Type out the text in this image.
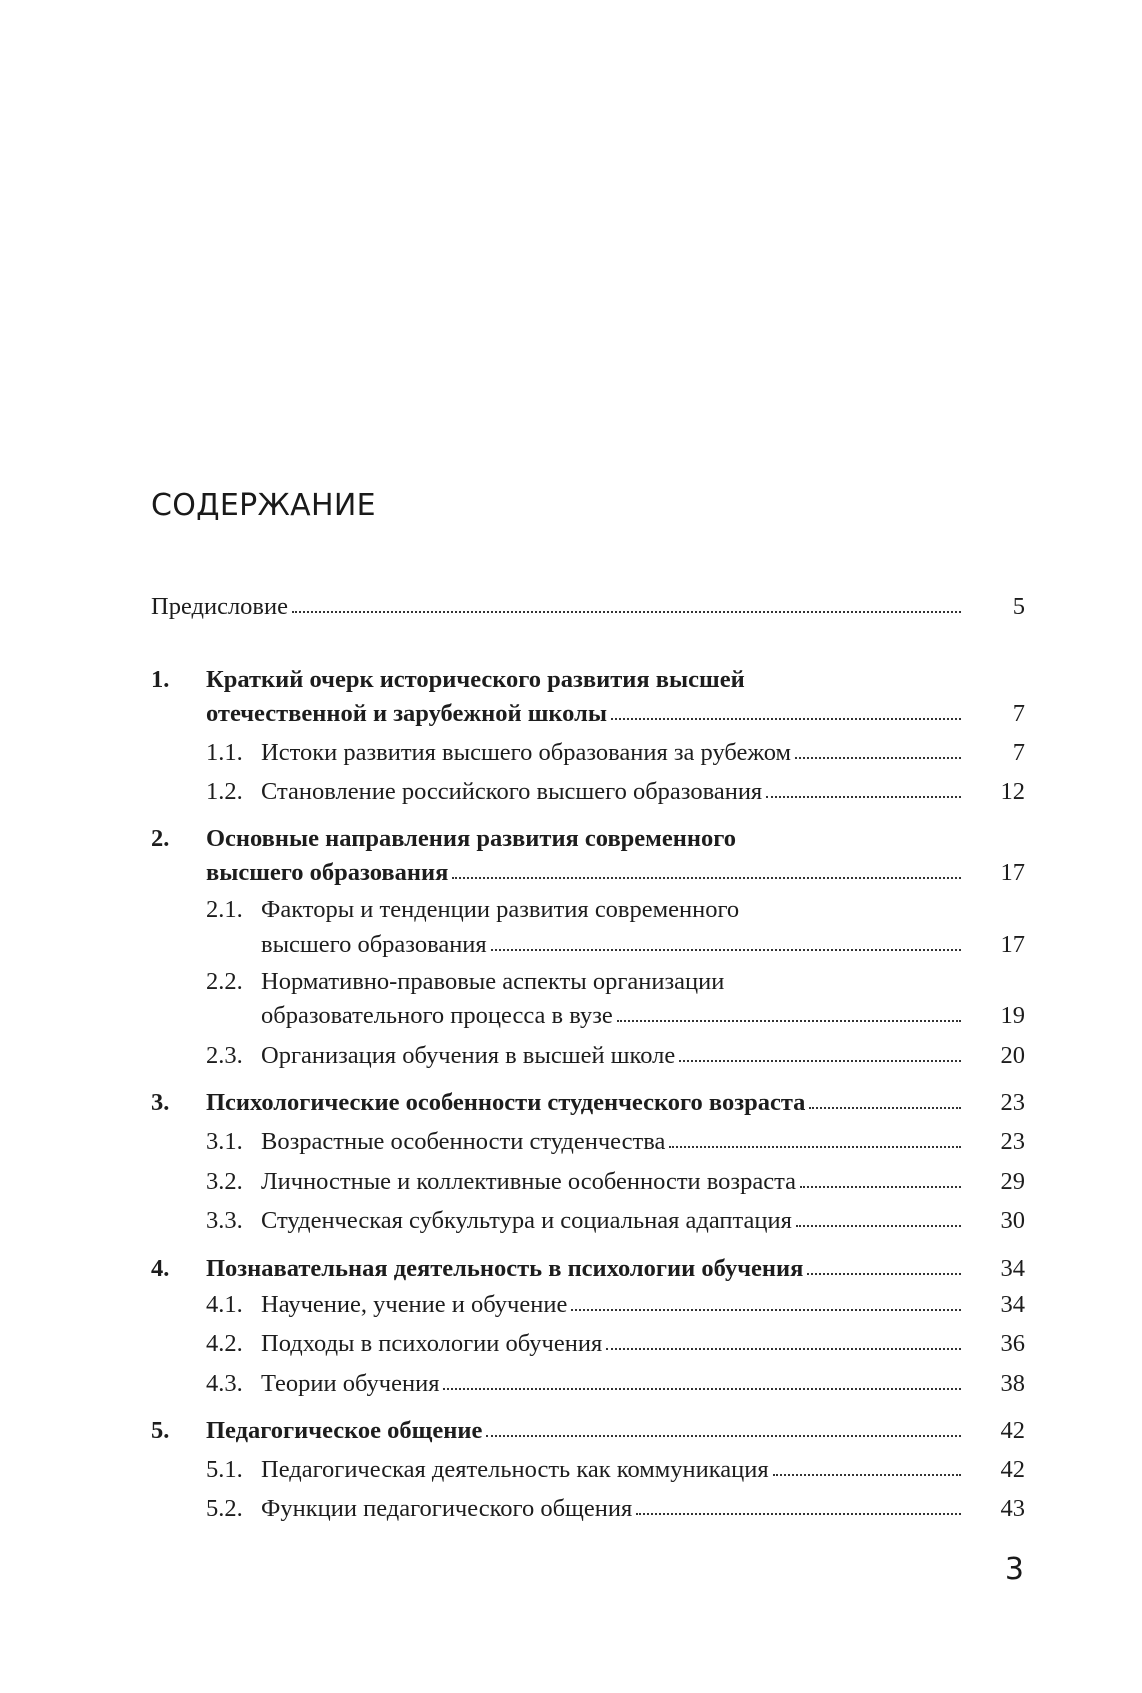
СОДЕРЖАНИЕ
Предисловие	5
1. Краткий очерк исторического развития высшей
отечественной и зарубежной школы	7
1.1. Истоки развития высшего образования за рубежом	7
1.2. Становление российского высшего образования	12
2. Основные направления развития современного
высшего образования	17
2.1. Факторы и тенденции развития современного
высшего образования	17
2.2. Нормативно-правовые аспекты организации
образовательного процесса в вузе	19
2.3. Организация обучения в высшей школе	20
3. Психологические особенности студенческого возраста	23
3.1. Возрастные особенности студенчества	23
3.2. Личностные и коллективные особенности возраста	29
3.3. Студенческая субкультура и социальная адаптация	30
4. Познавательная деятельность в психологии обучения	34
4.1. Научение, учение и обучение	34
4.2. Подходы в психологии обучения	36
4.3. Теории обучения	38
5. Педагогическое общение	42
5.1. Педагогическая деятельность как коммуникация	42
5.2. Функции педагогического общения	43
3
